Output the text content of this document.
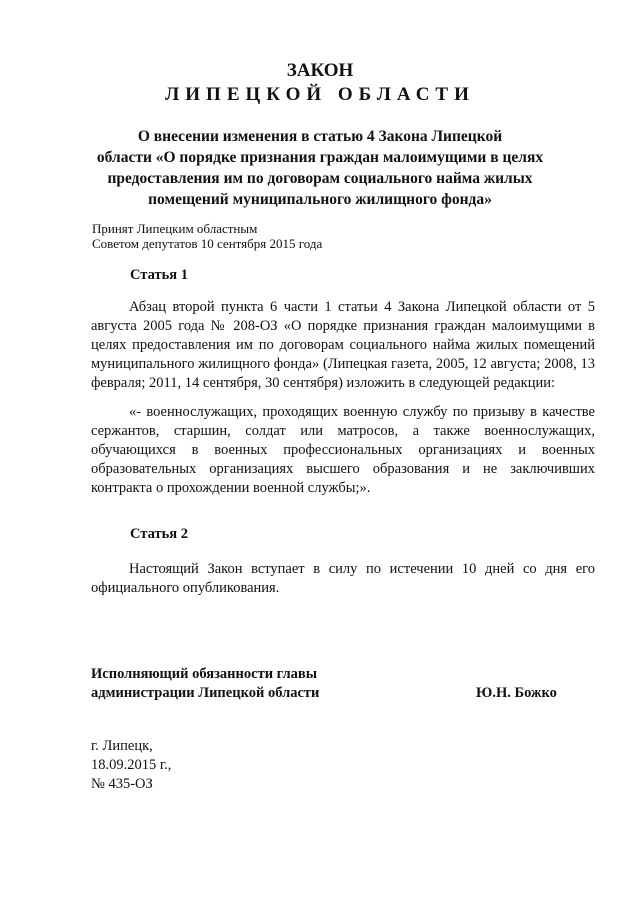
ЗАКОН
ЛИПЕЦКОЙ ОБЛАСТИ
О внесении изменения в статью 4 Закона Липецкой
области «О порядке признания граждан малоимущими в целях
предоставления им по договорам социального найма жилых
помещений муниципального жилищного фонда»
Принят Липецким областным
Советом депутатов 10 сентября 2015 года
Статья 1
Абзац второй пункта 6 части 1 статьи 4 Закона Липецкой области от 5 августа 2005 года № 208-ОЗ «О порядке признания граждан малоимущими в целях предоставления им по договорам социального найма жилых помещений муниципального жилищного фонда» (Липецкая газета, 2005, 12 августа; 2008, 13 февраля; 2011, 14 сентября, 30 сентября) изложить в следующей редакции:
«- военнослужащих, проходящих военную службу по призыву в качестве сержантов, старшин, солдат или матросов, а также военнослужащих, обучающихся в военных профессиональных организациях и военных образовательных организациях высшего образования и не заключивших контракта о прохождении военной службы;».
Статья 2
Настоящий Закон вступает в силу по истечении 10 дней со дня его официального опубликования.
Исполняющий обязанности главы
администрации Липецкой области	Ю.Н. Божко
г. Липецк,
18.09.2015 г.,
№ 435-ОЗ
